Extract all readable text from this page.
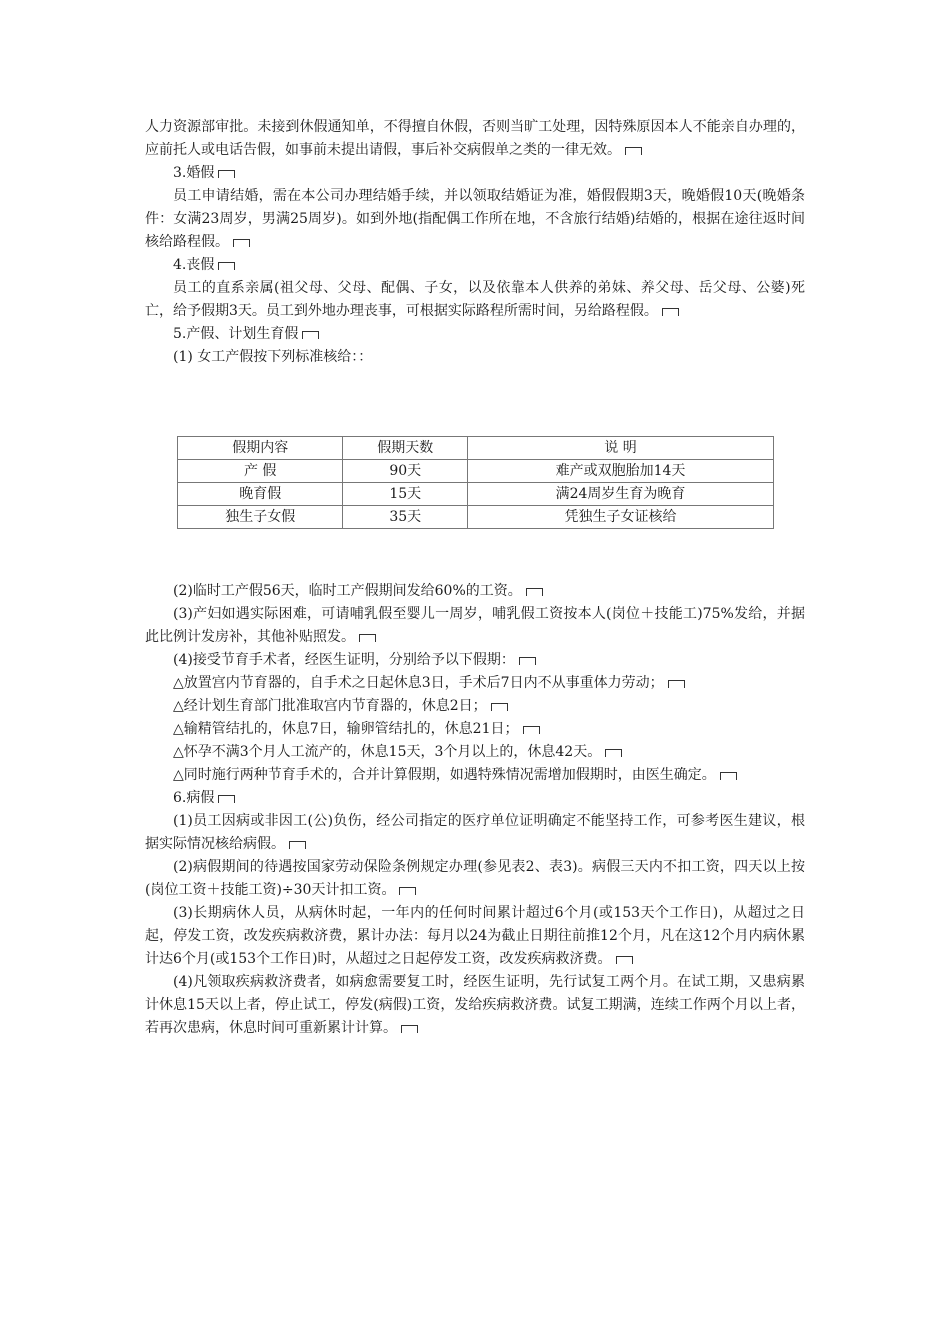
人力资源部审批。未接到休假通知单，不得擅自休假，否则当旷工处理，因特殊原因本人不能亲自办理的，应前托人或电话告假，如事前未提出请假，事后补交病假单之类的一律无效。

3.婚假

员工申请结婚，需在本公司办理结婚手续，并以领取结婚证为准，婚假假期3天，晚婚假10天(晚婚条件：女满23周岁，男满25周岁)。如到外地(指配偶工作所在地，不含旅行结婚)结婚的，根据在途往返时间核给路程假。

4.丧假

员工的直系亲属(祖父母、父母、配偶、子女，以及依靠本人供养的弟妹、养父母、岳父母、公婆)死亡，给予假期3天。员工到外地办理丧事，可根据实际路程所需时间，另给路程假。

5.产假、计划生育假

(1) 女工产假按下列标准核给：：

假期内容	假期天数	说 明
产 假	90天	难产或双胞胎加14天
晚育假	15天	满24周岁生育为晚育
独生子女假	35天	凭独生子女证核给

(2)临时工产假56天，临时工产假期间发给60%的工资。

(3)产妇如遇实际困难，可请哺乳假至婴儿一周岁，哺乳假工资按本人(岗位＋技能工)75%发给，并据此比例计发房补，其他补贴照发。

(4)接受节育手术者，经医生证明，分别给予以下假期：

△放置宫内节育器的，自手术之日起休息3日，手术后7日内不从事重体力劳动；

△经计划生育部门批准取宫内节育器的，休息2日；

△输精管结扎的，休息7日，输卵管结扎的，休息21日；

△怀孕不满3个月人工流产的，休息15天，3个月以上的，休息42天。

△同时施行两种节育手术的，合并计算假期，如遇特殊情况需增加假期时，由医生确定。

6.病假

(1)员工因病或非因工(公)负伤，经公司指定的医疗单位证明确定不能坚持工作，可参考医生建议，根据实际情况核给病假。

(2)病假期间的待遇按国家劳动保险条例规定办理(参见表2、表3)。病假三天内不扣工资，四天以上按(岗位工资＋技能工资)÷30天计扣工资。

(3)长期病休人员，从病休时起，一年内的任何时间累计超过6个月(或153天个工作日)，从超过之日起，停发工资，改发疾病救济费，累计办法：每月以24为截止日期往前推12个月，凡在这12个月内病休累计达6个月(或153个工作日)时，从超过之日起停发工资，改发疾病救济费。

(4)凡领取疾病救济费者，如病愈需要复工时，经医生证明，先行试复工两个月。在试工期，又患病累计休息15天以上者，停止试工，停发(病假)工资，发给疾病救济费。试复工期满，连续工作两个月以上者，若再次患病，休息时间可重新累计计算。
